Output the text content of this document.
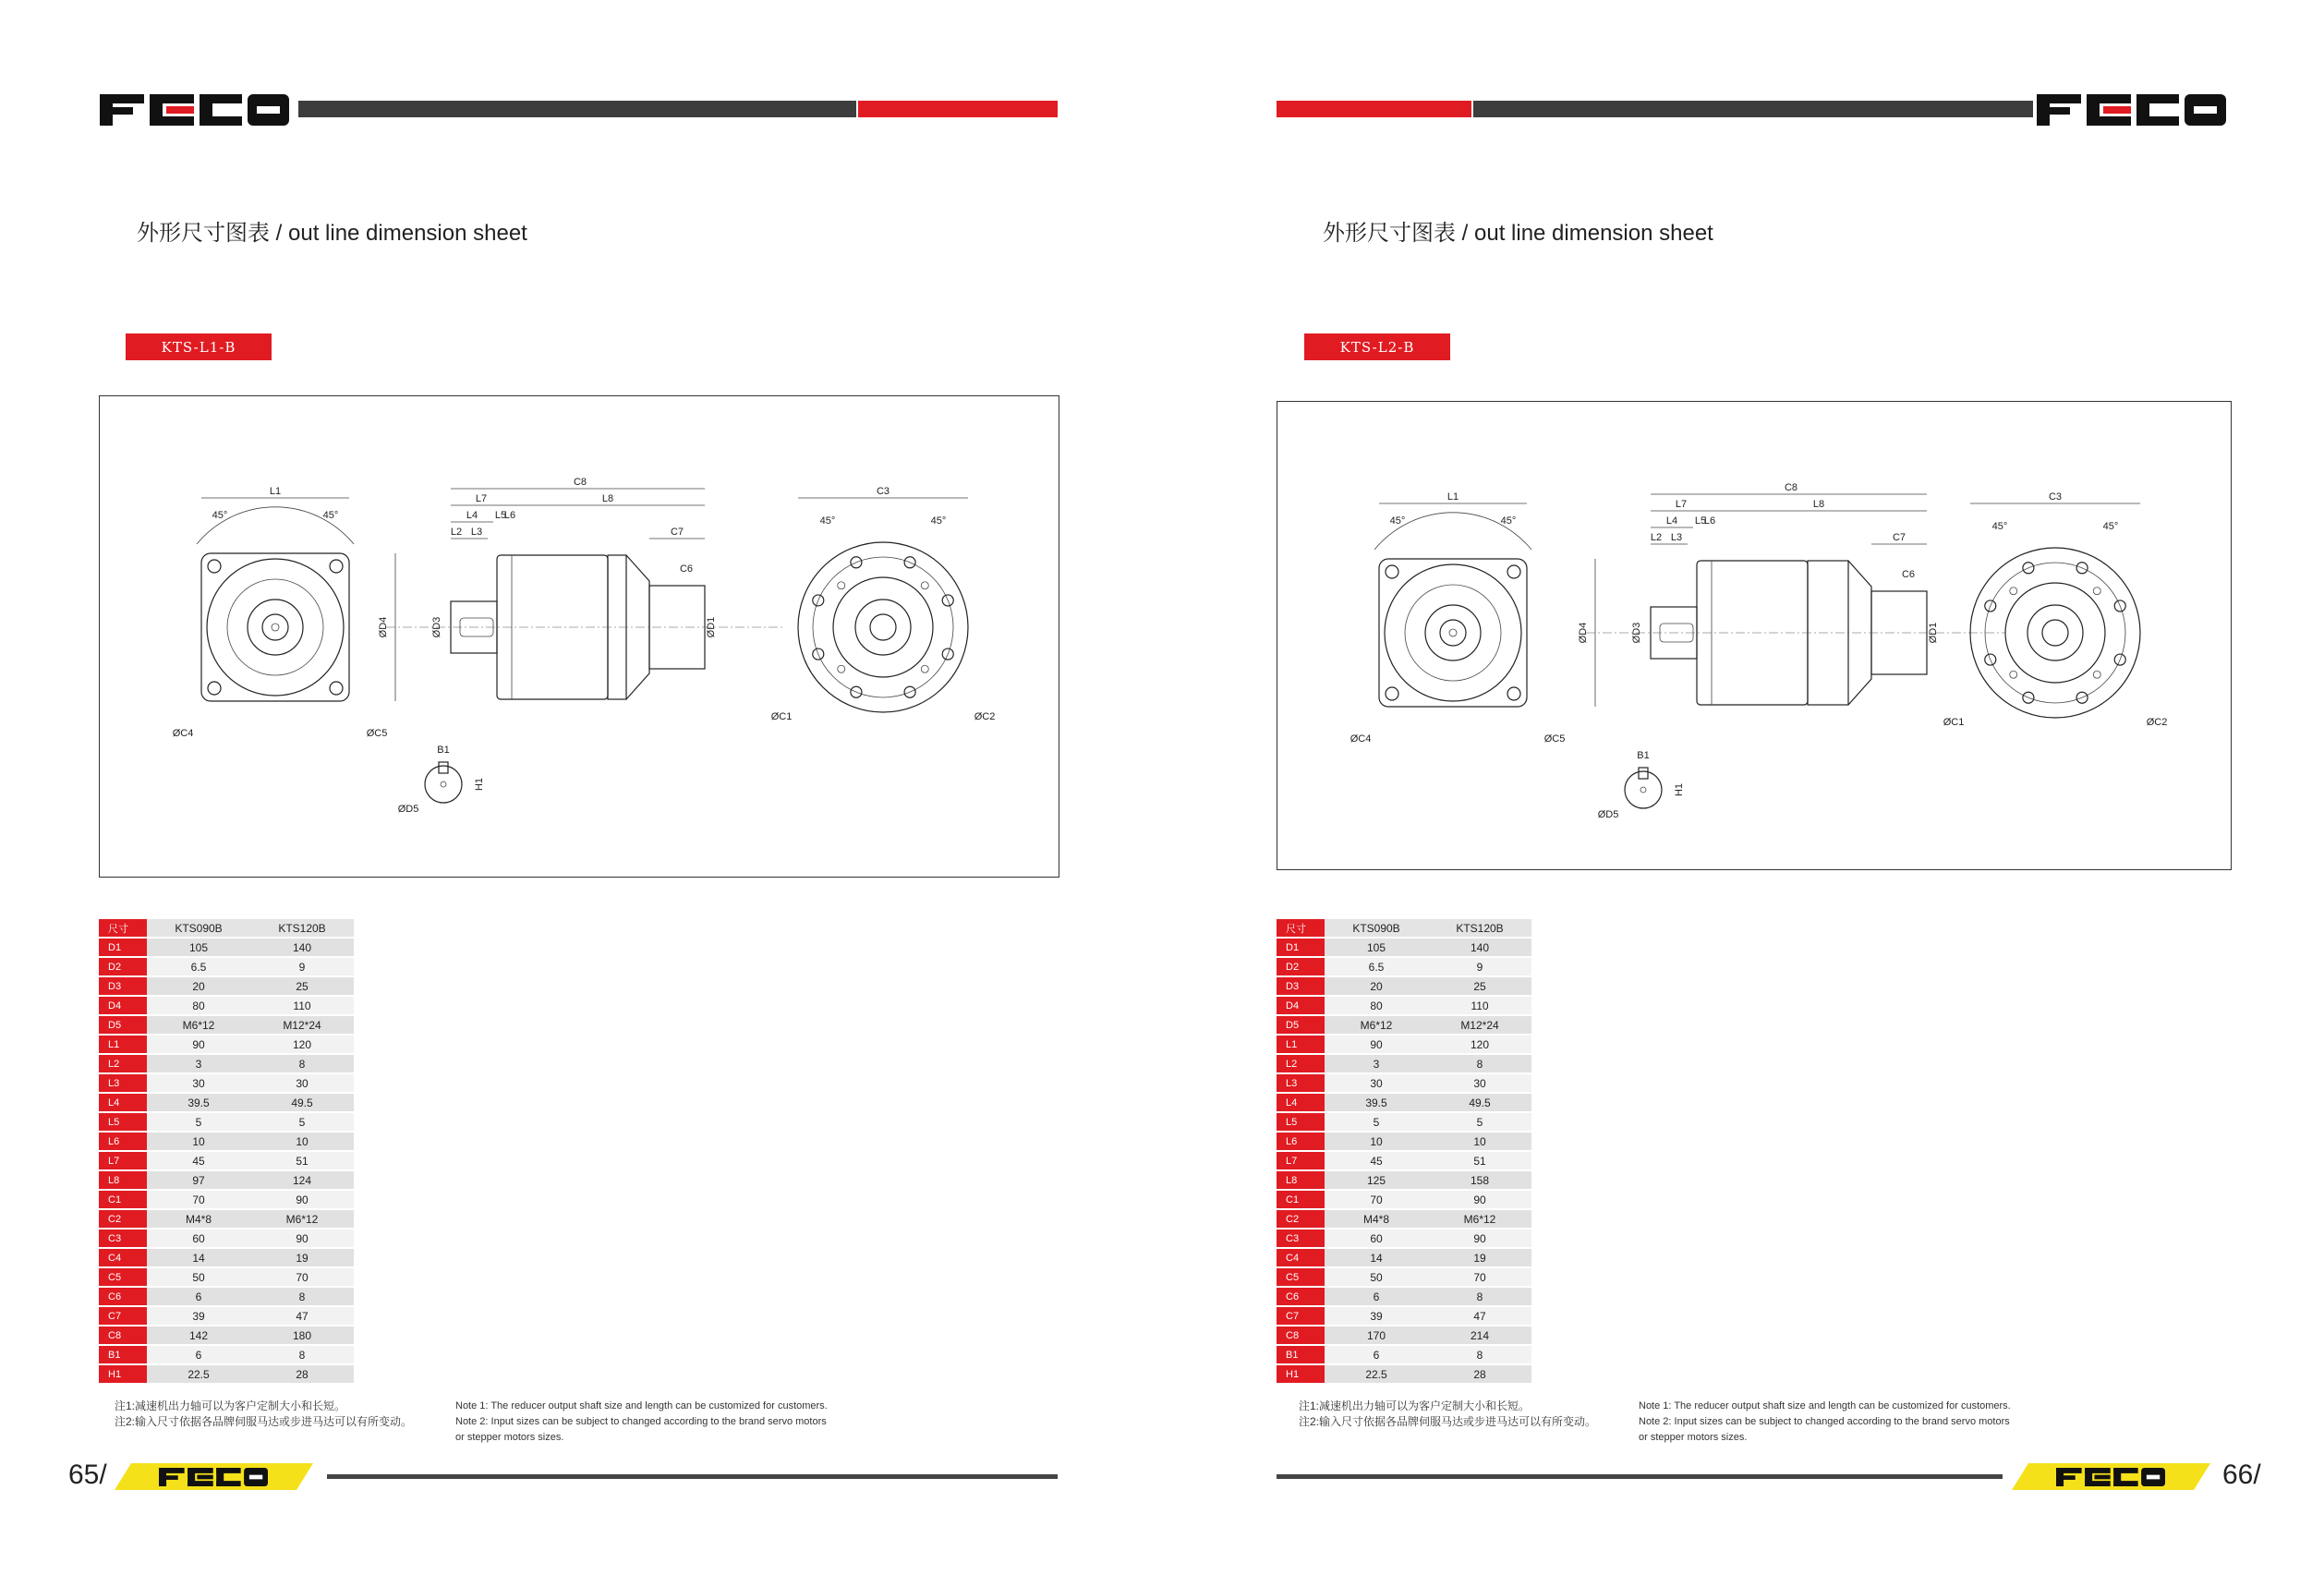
外形尺寸图表 / out line dimension sheet
KTS-L1-B
L1
45°	45°
ØC4	ØC5
C8
L7	L8
L4 L5
L6
L2 L3	C7
C6
ØD4	ØD3	ØD1
C3
45°	45°
ØC1	ØC2
B1
H1
ØD5
尺寸	KTS090B	KTS120B
D1	105	140
D2	6.5	9
D3	20	25
D4	80	110
D5	M6*12	M12*24
L1	90	120
L2	3	8
L3	30	30
L4	39.5	49.5
L5	5	5
L6	10	10
L7	45	51
L8	97	124
C1	70	90
C2	M4*8	M6*12
C3	60	90
C4	14	19
C5	50	70
C6	6	8
C7	39	47
C8	142	180
B1	6	8
H1	22.5	28
注1:减速机出力轴可以为客户定制大小和长短。
注2:输入尺寸依据各品牌伺服马达或步进马达可以有所变动。
Note 1: The reducer output shaft size and length can be customized for customers.
Note 2: Input sizes can be subject to changed according to the brand servo motors
or stepper motors sizes.
65/
外形尺寸图表 / out line dimension sheet
KTS-L2-B
L1
45°	45°
ØC4	ØC5
C8
L7	L8
L4 L5
L6
L2 L3	C7
C6
ØD4	ØD3	ØD1
C3
45°	45°
ØC1	ØC2
B1
H1
ØD5
尺寸	KTS090B	KTS120B
D1	105	140
D2	6.5	9
D3	20	25
D4	80	110
D5	M6*12	M12*24
L1	90	120
L2	3	8
L3	30	30
L4	39.5	49.5
L5	5	5
L6	10	10
L7	45	51
L8	125	158
C1	70	90
C2	M4*8	M6*12
C3	60	90
C4	14	19
C5	50	70
C6	6	8
C7	39	47
C8	170	214
B1	6	8
H1	22.5	28
注1:减速机出力轴可以为客户定制大小和长短。
注2:输入尺寸依据各品牌伺服马达或步进马达可以有所变动。
Note 1: The reducer output shaft size and length can be customized for customers.
Note 2: Input sizes can be subject to changed according to the brand servo motors
or stepper motors sizes.
66/
